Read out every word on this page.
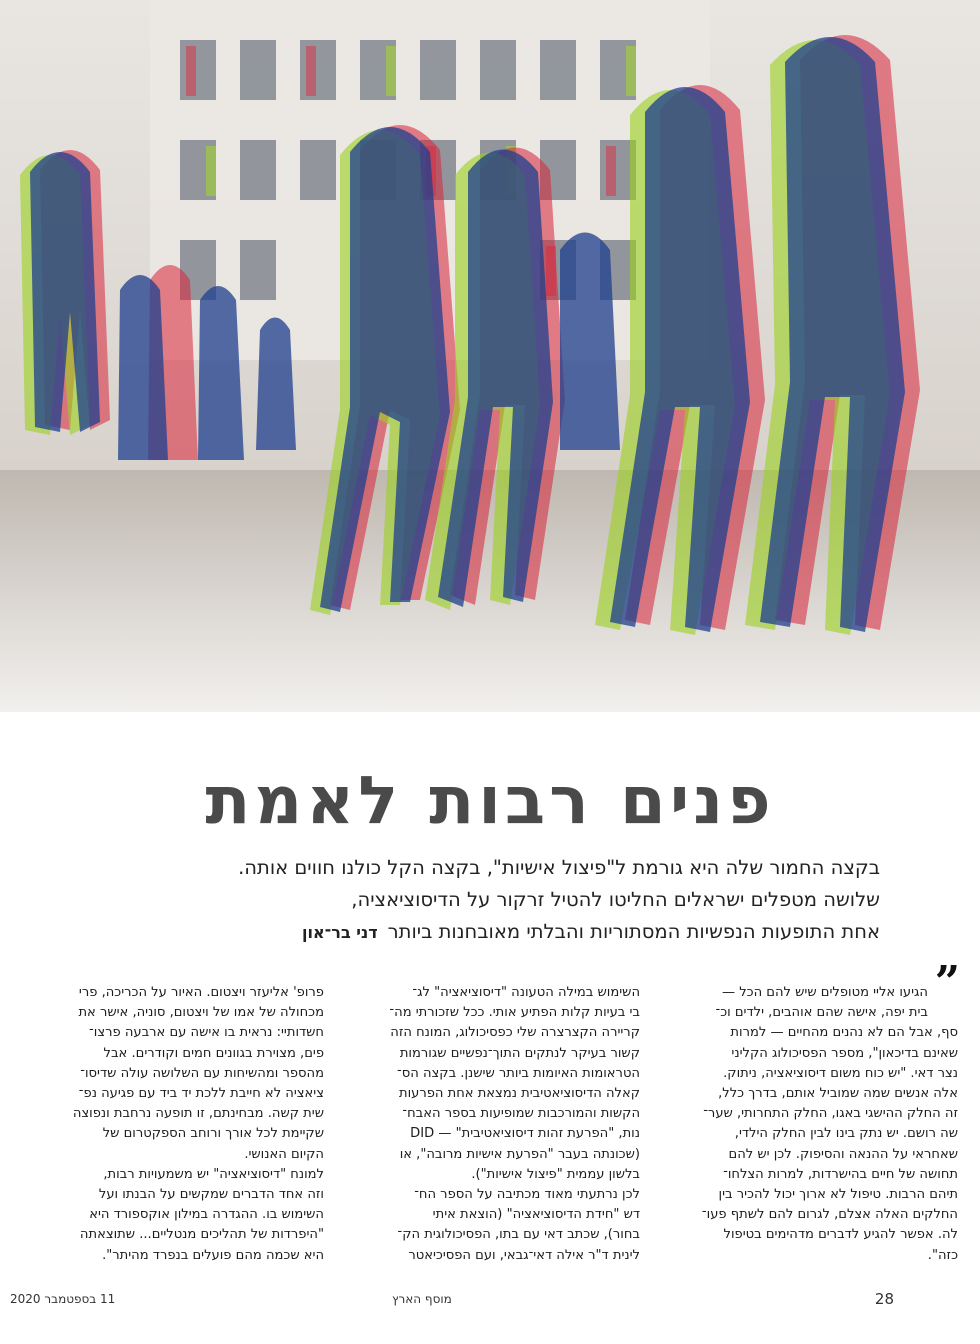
פנים רבות לאמת
בקצה החמור שלה היא גורמת ל"פיצול אישיות", בקצה הקל כולנו חווים אותה.
שלושה מטפלים ישראלים החליטו להטיל זרקור על הדיסוציאציה,
אחת התופעות הנפשיות המסתוריות והבלתי מאובחנות ביותרדני בר־און
”
הגיעו אליי מטופלים שיש להם הכל —
בית יפה, אישה שהם אוהבים, ילדים וכ־
סף, אבל הם לא נהנים מהחיים — למרות
שאינם בדיכאון", מספר הפסיכולוג הקליני
נצר דאי. "יש כוח משום דיסוציאציה, ניתוק.
אלה אנשים שמה שמוביל אותם, בדרך כלל,
זה החלק ההישגי באגו, החלק התחרותי, שער־
שה רושם. יש נתק בינו לבין החלק הילדי,
שאחראי על ההנאה והסיפוק. לכן יש להם
תחושה של חיים בהישרדות, למרות הצלחו־
תיהם הרבות. טיפול לא ארוך יכול להכיר בין
החלקים האלה אצלם, לגרום להם לשתף פעו־
לה. אפשר להגיע לדברים מדהימים בטיפול
כזה".
השימוש במילה הטעונה "דיסוציאציה" לג־
בי בעיות קלות הפתיע אותי. ככל שזכורתי מה־
קריירה הקצרצרה שלי כפסיכולוג, המונח הזה
קשור בעיקר לנתקים התוך־נפשיים שגורמות
הטראומות האיומות ביותר שישנן. בקצה הס־
קאלה הדיסוציאטיבית נמצאת אחת הפרעות
הקשות והמורכבות שמופיעות בספר האבח־
נות, "הפרעת זהות דיסוציאטיבית" — DID
(שכונתה בעבר "הפרעת אישיות מרובה", או
בלשון עממית "פיצול אישיות").
לכן נרתעתי מאוד מכתיבה על הספר הח־
דש "חידת הדיסוציאציה" (הוצאת איתי
בחור), שכתב דאי עם בתו, הפסיכולוגית הק־
לינית ד"ר אילה דאי־גבאי, ועם הפסיכיאטר
פרופ' אליעזר ויצטום. האיור על הכריכה, פרי
מכחולה של אמו של ויצטום, סוניה, אישר את
חשדותיי: נראית בו אישה עם ארבעה פרצו־
פים, מצוירת בגוונים חמים וקודרים. אבל
מהספר ומהשיחות עם השלושה עולה שדיסו־
ציאציה לא חייבת ללכת יד ביד עם פגיעה נפ־
שית קשה. מבחינתם, זו תופעה נרחבת ונפוצה
שקיימת לכל אורך ורוחב הספקטרום של
הקיום האנושי.
למונח "דיסוציאציה" יש משמעויות רבות,
וזה אחד הדברים שמקשים על הבנתו ועל
השימוש בו. ההגדרה במילון אוקספורד היא
"היפרדות של תהליכים מנטליים... שתוצאתה
היא שכמה מהם פועלים בנפרד מהיתר".
28
מוסף הארץ
11 בספטמבר 2020
